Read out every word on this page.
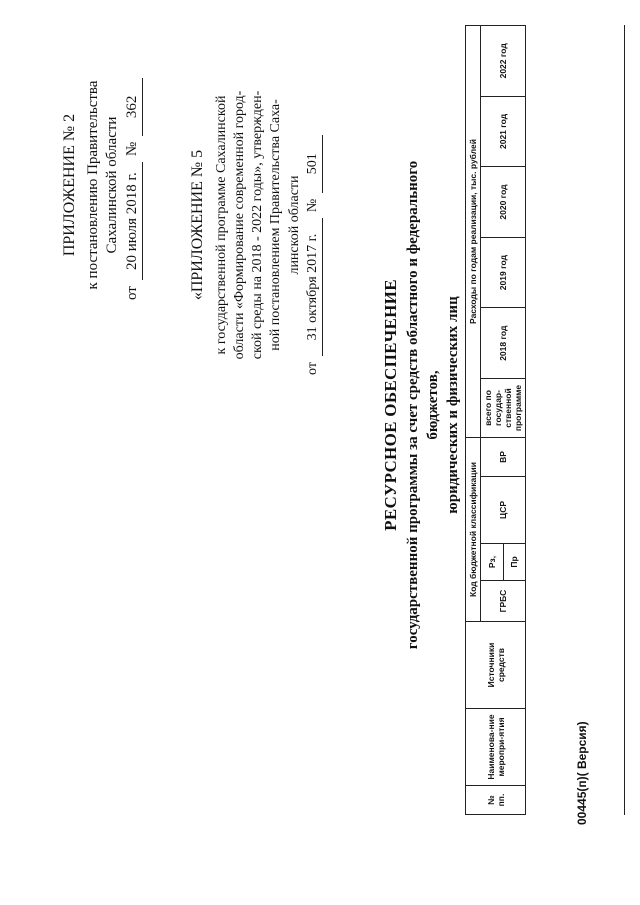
ПРИЛОЖЕНИЕ № 2 к постановлению Правительства Сахалинской области
от
20 июля 2018 г.
№
362
«ПРИЛОЖЕНИЕ № 5 к государственной программе Сахалинской области «Формирование современной город- ской среды на 2018 - 2022 годы», утвержден- ной постановлением Правительства Саха- линской области
от
31 октября 2017 г.
№
501
РЕСУРСНОЕ ОБЕСПЕЧЕНИЕ государственной программы за счет средств областного и федерального бюджетов, юридических и физических лиц
№ пп.	Наименова-ние меропри-ятия	Источники средств	Код бюджетной классификации				Расходы по годам реализации, тыс. рублей					
			ГРБС	Рз,	ЦСР	ВР	всего по государ-ственной программе	2018 год	2019 год	2020 год	2021 год	2022 год
				Пр								
00445(п)( Версия)
